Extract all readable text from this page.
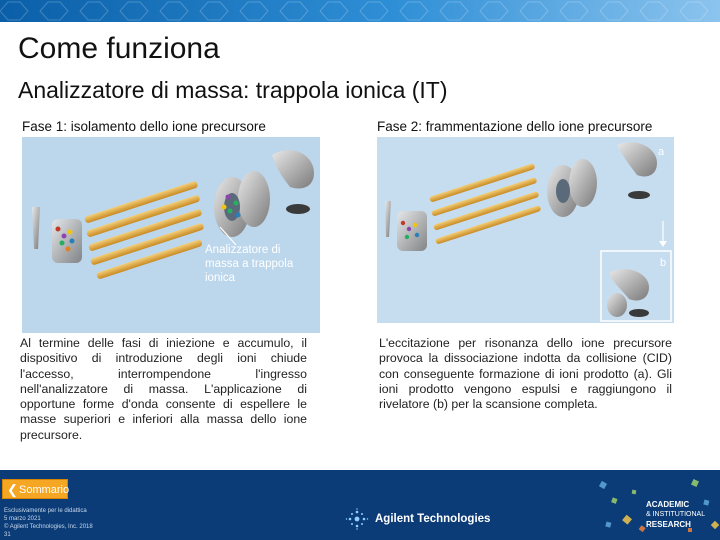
Come funziona
Analizzatore di massa: trappola ionica (IT)
Fase 1: isolamento dello ione precursore	Fase 2: frammentazione dello ione precursore
Analizzatore di
massa a trappola
ionica
a
b
Al termine delle fasi di iniezione e accumulo, il dispositivo di introduzione degli ioni chiude l'accesso, interrompendone l'ingresso nell'analizzatore di massa. L'applicazione di opportune forme d'onda consente di espellere le masse superiori e inferiori alla massa dello ione precursore.
L'eccitazione per risonanza dello ione precursore provoca la dissociazione indotta da collisione (CID) con conseguente formazione di ioni prodotto (a). Gli ioni prodotto vengono espulsi e raggiungono il rivelatore (b) per la scansione completa.
❮ Sommario
Esclusivamente per le didattica
5 marzo 2021
© Agilent Technologies, Inc. 2018
31
Agilent Technologies
ACADEMIC
& INSTITUTIONAL
RESEARCH
